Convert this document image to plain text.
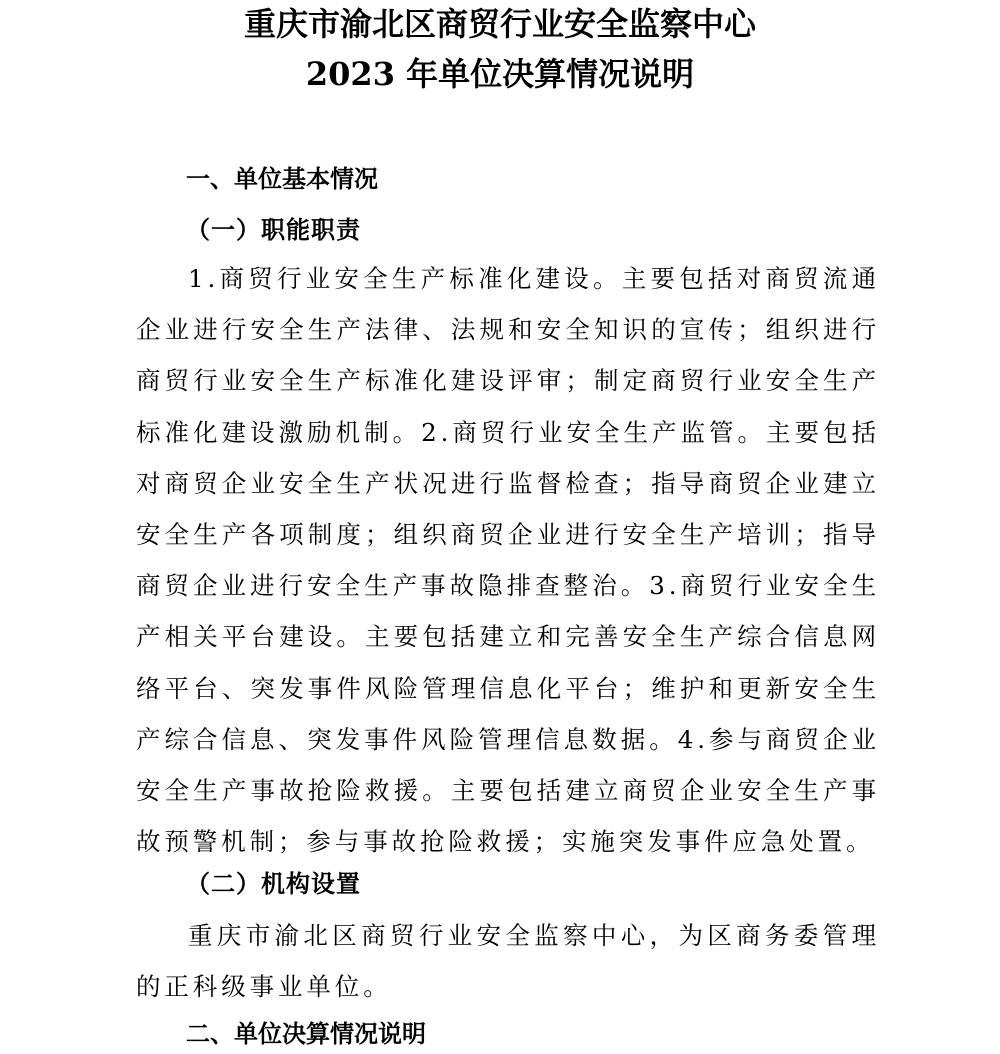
重庆市渝北区商贸行业安全监察中心
2023 年单位决算情况说明
一、单位基本情况
（一）职能职责

1.商贸行业安全生产标准化建设。主要包括对商贸流通企业进行安全生产法律、法规和安全知识的宣传；组织进行商贸行业安全生产标准化建设评审；制定商贸行业安全生产标准化建设激励机制。2.商贸行业安全生产监管。主要包括对商贸企业安全生产状况进行监督检查；指导商贸企业建立安全生产各项制度；组织商贸企业进行安全生产培训；指导商贸企业进行安全生产事故隐排查整治。3.商贸行业安全生产相关平台建设。主要包括建立和完善安全生产综合信息网络平台、突发事件风险管理信息化平台；维护和更新安全生产综合信息、突发事件风险管理信息数据。4.参与商贸企业安全生产事故抢险救援。主要包括建立商贸企业安全生产事故预警机制；参与事故抢险救援；实施突发事件应急处置。

（二）机构设置

重庆市渝北区商贸行业安全监察中心，为区商务委管理的正科级事业单位。

二、单位决算情况说明
